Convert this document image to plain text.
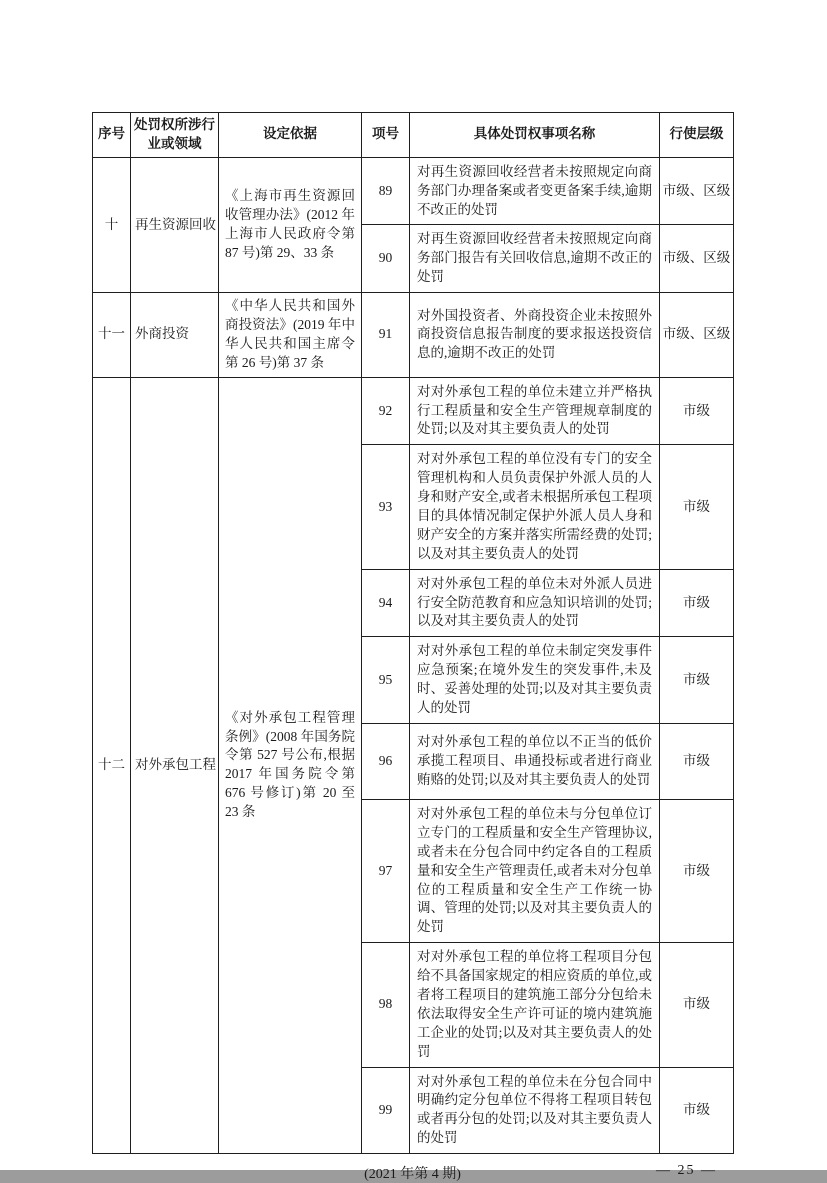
序号	处罚权所涉行业或领域	设定依据	项号	具体处罚权事项名称	行使层级
十	再生资源回收	《上海市再生资源回收管理办法》(2012 年上海市人民政府令第 87 号)第 29、33 条	89	对再生资源回收经营者未按照规定向商务部门办理备案或者变更备案手续,逾期不改正的处罚	市级、区级
			90	对再生资源回收经营者未按照规定向商务部门报告有关回收信息,逾期不改正的处罚	市级、区级
十一	外商投资	《中华人民共和国外商投资法》(2019 年中华人民共和国主席令第 26 号)第 37 条	91	对外国投资者、外商投资企业未按照外商投资信息报告制度的要求报送投资信息的,逾期不改正的处罚	市级、区级
十二	对外承包工程	《对外承包工程管理条例》(2008 年国务院令第 527 号公布,根据 2017 年国务院令第 676 号修订)第 20 至 23 条	92	对对外承包工程的单位未建立并严格执行工程质量和安全生产管理规章制度的处罚;以及对其主要负责人的处罚	市级
			93	对对外承包工程的单位没有专门的安全管理机构和人员负责保护外派人员的人身和财产安全,或者未根据所承包工程项目的具体情况制定保护外派人员人身和财产安全的方案并落实所需经费的处罚;以及对其主要负责人的处罚	市级
			94	对对外承包工程的单位未对外派人员进行安全防范教育和应急知识培训的处罚;以及对其主要负责人的处罚	市级
			95	对对外承包工程的单位未制定突发事件应急预案;在境外发生的突发事件,未及时、妥善处理的处罚;以及对其主要负责人的处罚	市级
			96	对对外承包工程的单位以不正当的低价承揽工程项目、串通投标或者进行商业贿赂的处罚;以及对其主要负责人的处罚	市级
			97	对对外承包工程的单位未与分包单位订立专门的工程质量和安全生产管理协议,或者未在分包合同中约定各自的工程质量和安全生产管理责任,或者未对分包单位的工程质量和安全生产工作统一协调、管理的处罚;以及对其主要负责人的处罚	市级
			98	对对外承包工程的单位将工程项目分包给不具备国家规定的相应资质的单位,或者将工程项目的建筑施工部分分包给未依法取得安全生产许可证的境内建筑施工企业的处罚;以及对其主要负责人的处罚	市级
			99	对对外承包工程的单位未在分包合同中明确约定分包单位不得将工程项目转包或者再分包的处罚;以及对其主要负责人的处罚	市级
(2021 年第 4 期)	— 25 —
